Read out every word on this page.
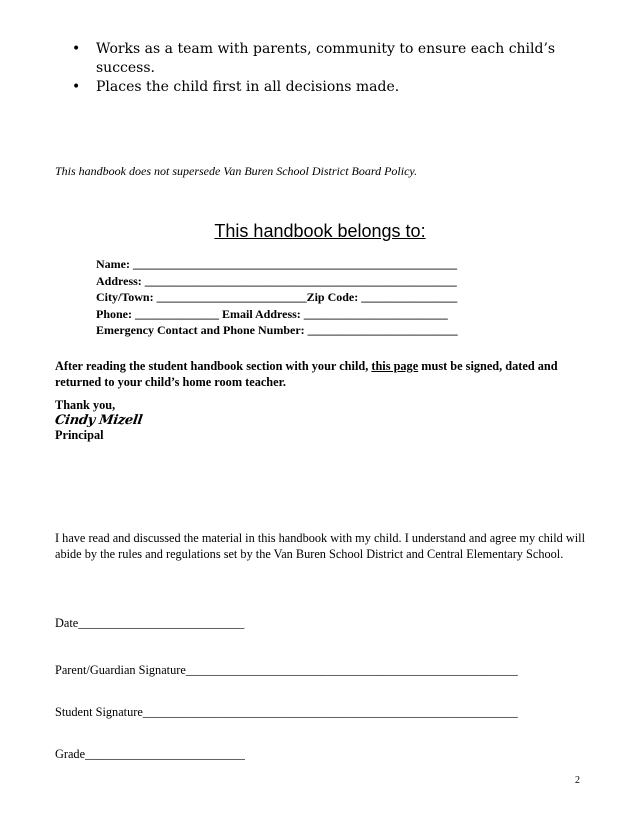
• Works as a team with parents, community to ensure each child’s success.
• Places the child first in all decisions made.
This handbook does not supersede Van Buren School District Board Policy.
This handbook belongs to:
Name: ______________________________________________________
Address: ____________________________________________________
City/Town: _________________________Zip Code: ________________
Phone: ______________ Email Address: ________________________
Emergency Contact and Phone Number: _________________________
After reading the student handbook section with your child, this page must be signed, dated and returned to your child’s home room teacher.
Thank you,
Cindy Mizell
Principal
I have read and discussed the material in this handbook with my child. I understand and agree my child will abide by the rules and regulations set by the Van Buren School District and Central Elementary School.
Date___________________________
Parent/Guardian Signature______________________________________________________
Student Signature_____________________________________________________________
Grade__________________________
2
